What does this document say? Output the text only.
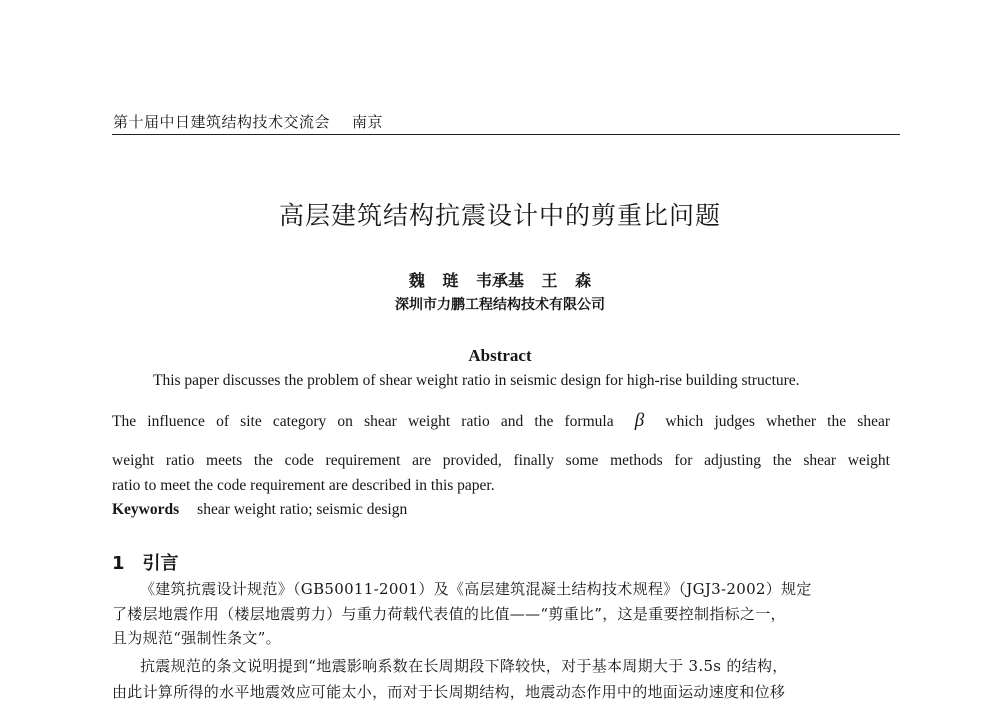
第十届中日建筑结构技术交流会 南京
高层建筑结构抗震设计中的剪重比问题
魏 琏 韦承基 王 森
深圳市力鹏工程结构技术有限公司
Abstract
This paper discusses the problem of shear weight ratio in seismic design for high-rise building structure.
The influence of site category on shear weight ratio and the formula β which judges whether the shear
weight ratio meets the code requirement are provided, finally some methods for adjusting the shear weight
ratio to meet the code requirement are described in this paper.
Keywords shear weight ratio; seismic design
1 引言
《建筑抗震设计规范》（GB50011-2001）及《高层建筑混凝土结构技术规程》（JGJ3-2002）规定
了楼层地震作用（楼层地震剪力）与重力荷载代表值的比值——“剪重比”，这是重要控制指标之一，
且为规范“强制性条文”。
抗震规范的条文说明提到“地震影响系数在长周期段下降较快，对于基本周期大于 3.5s 的结构，
由此计算所得的水平地震效应可能太小，而对于长周期结构，地震动态作用中的地面运动速度和位移
